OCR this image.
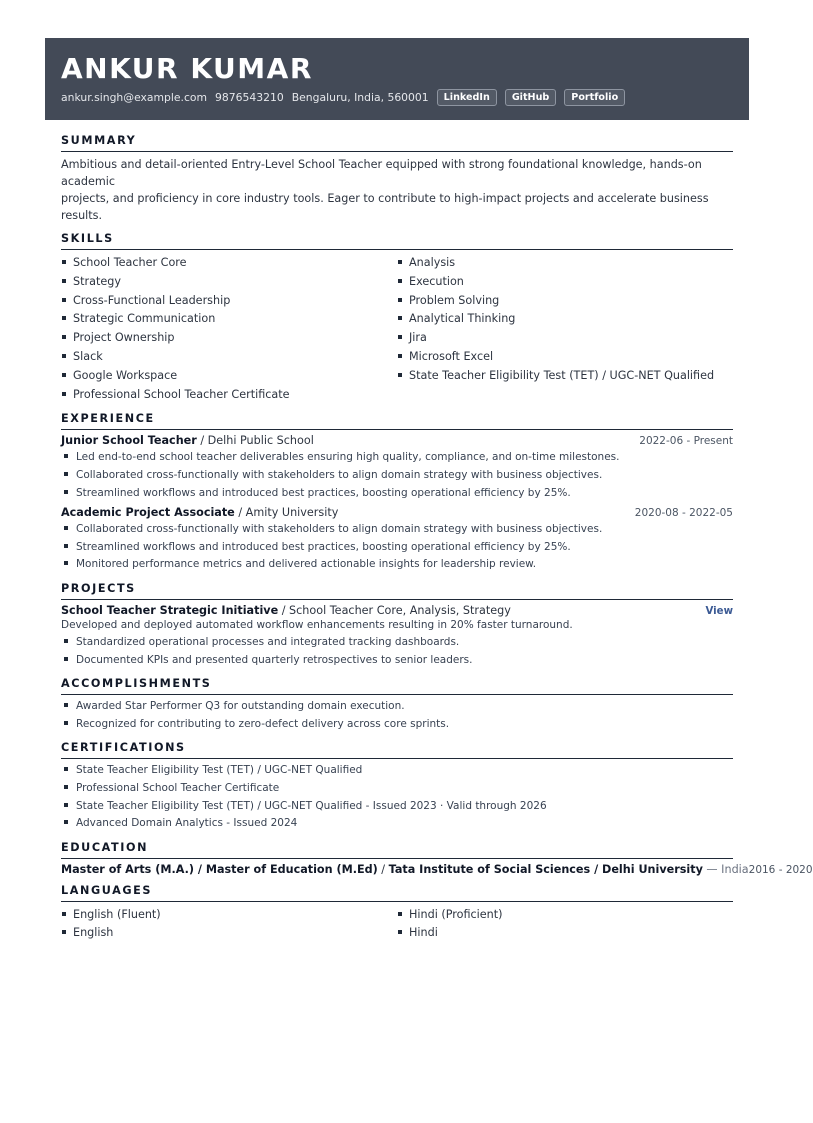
ANKUR KUMAR
ankur.singh@example.com 9876543210 Bengaluru, India, 560001	LinkedIn	GitHub	Portfolio
SUMMARY
Ambitious and detail-oriented Entry-Level School Teacher equipped with strong foundational knowledge, hands-on academic
projects, and proficiency in core industry tools. Eager to contribute to high-impact projects and accelerate business results.
SKILLS
School Teacher Core
Strategy
Cross-Functional Leadership
Strategic Communication
Project Ownership
Slack
Google Workspace
Professional School Teacher Certificate
Analysis
Execution
Problem Solving
Analytical Thinking
Jira
Microsoft Excel
State Teacher Eligibility Test (TET) / UGC-NET Qualified
EXPERIENCE
Junior School Teacher / Delhi Public School	2022-06 - Present
Led end-to-end school teacher deliverables ensuring high quality, compliance, and on-time milestones.
Collaborated cross-functionally with stakeholders to align domain strategy with business objectives.
Streamlined workflows and introduced best practices, boosting operational efficiency by 25%.
Academic Project Associate / Amity University	2020-08 - 2022-05
Collaborated cross-functionally with stakeholders to align domain strategy with business objectives.
Streamlined workflows and introduced best practices, boosting operational efficiency by 25%.
Monitored performance metrics and delivered actionable insights for leadership review.
PROJECTS
School Teacher Strategic Initiative / School Teacher Core, Analysis, Strategy	View
Developed and deployed automated workflow enhancements resulting in 20% faster turnaround.
Standardized operational processes and integrated tracking dashboards.
Documented KPIs and presented quarterly retrospectives to senior leaders.
ACCOMPLISHMENTS
Awarded Star Performer Q3 for outstanding domain execution.
Recognized for contributing to zero-defect delivery across core sprints.
CERTIFICATIONS
State Teacher Eligibility Test (TET) / UGC-NET Qualified
Professional School Teacher Certificate
State Teacher Eligibility Test (TET) / UGC-NET Qualified - Issued 2023 · Valid through 2026
Advanced Domain Analytics - Issued 2024
EDUCATION
Master of Arts (M.A.) / Master of Education (M.Ed) / Tata Institute of Social Sciences / Delhi University — India 2016 - 2020
LANGUAGES
English (Fluent)
English
Hindi (Proficient)
Hindi
